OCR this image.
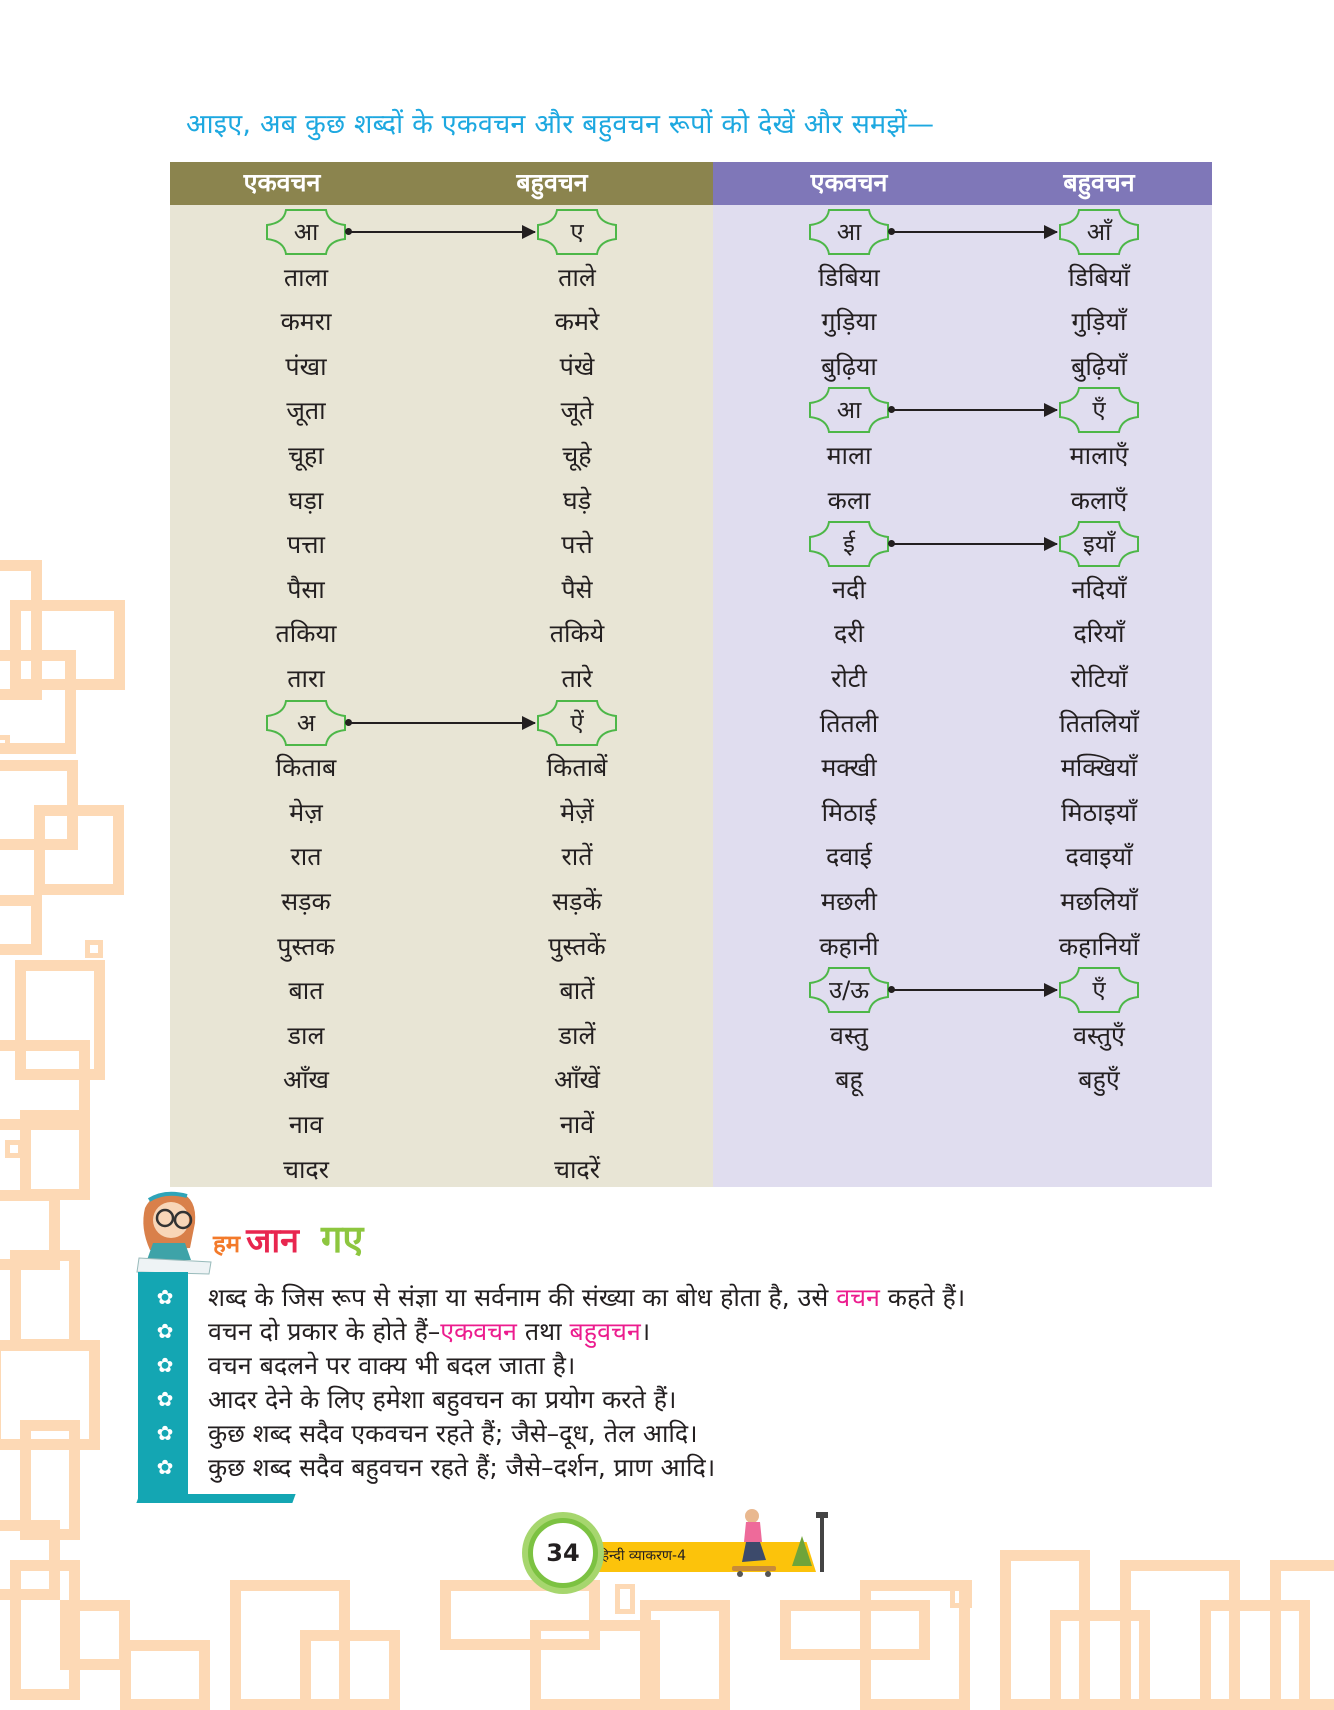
आइए, अब कुछ शब्दों के एकवचन और बहुवचन रूपों को देखें और समझें—
एकवचन	बहुवचन
आ	ए
ताला	ताले
कमरा	कमरे
पंखा	पंखे
जूता	जूते
चूहा	चूहे
घड़ा	घड़े
पत्ता	पत्ते
पैसा	पैसे
तकिया	तकिये
तारा	तारे
अ	ऐं
किताब	किताबें
मेज़	मेज़ें
रात	रातें
सड़क	सड़कें
पुस्तक	पुस्तकें
बात	बातें
डाल	डालें
आँख	आँखें
नाव	नावें
चादर	चादरें
एकवचन	बहुवचन
आ	आँ
डिबिया	डिबियाँ
गुड़िया	गुड़ियाँ
बुढ़िया	बुढ़ियाँ
आ	एँ
माला	मालाएँ
कला	कलाएँ
ई	इयाँ
नदी	नदियाँ
दरी	दरियाँ
रोटी	रोटियाँ
तितली	तितलियाँ
मक्खी	मक्खियाँ
मिठाई	मिठाइयाँ
दवाई	दवाइयाँ
मछली	मछलियाँ
कहानी	कहानियाँ
उ/ऊ	एँ
वस्तु	वस्तुएँ
बहू	बहुएँ
हम जान गए
✿ शब्द के जिस रूप से संज्ञा या सर्वनाम की संख्या का बोध होता है, उसे वचन कहते हैं।
✿ वचन दो प्रकार के होते हैं–एकवचन तथा बहुवचन।
✿ वचन बदलने पर वाक्य भी बदल जाता है।
✿ आदर देने के लिए हमेशा बहुवचन का प्रयोग करते हैं।
✿ कुछ शब्द सदैव एकवचन रहते हैं; जैसे–दूध, तेल आदि।
✿ कुछ शब्द सदैव बहुवचन रहते हैं; जैसे–दर्शन, प्राण आदि।
हिन्दी व्याकरण-4
34
